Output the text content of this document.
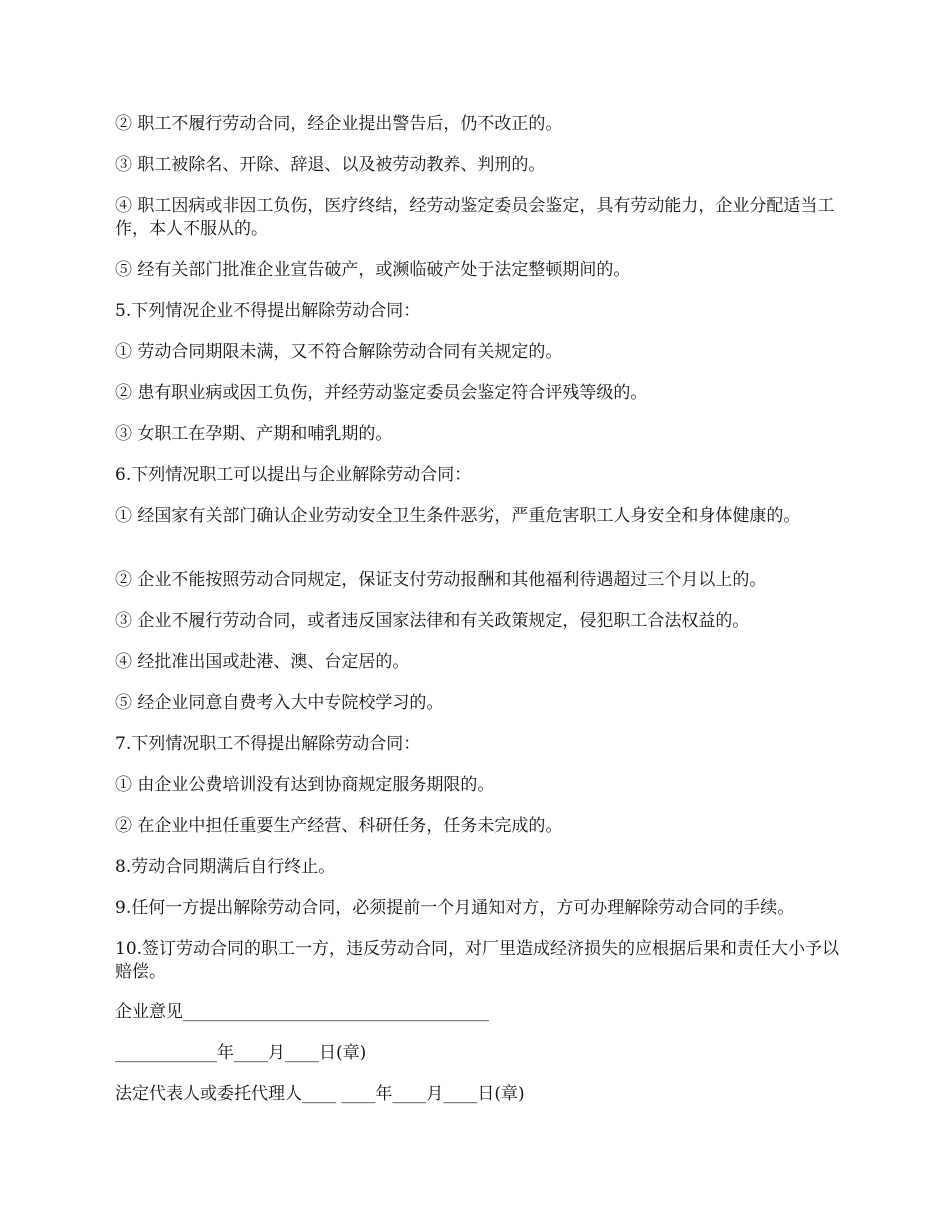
② 职工不履行劳动合同，经企业提出警告后，仍不改正的。

③ 职工被除名、开除、辞退、以及被劳动教养、判刑的。

④ 职工因病或非因工负伤，医疗终结，经劳动鉴定委员会鉴定，具有劳动能力，企业分配适当工作，本人不服从的。

⑤ 经有关部门批准企业宣告破产，或濒临破产处于法定整顿期间的。

5.下列情况企业不得提出解除劳动合同：

① 劳动合同期限未满，又不符合解除劳动合同有关规定的。

② 患有职业病或因工负伤，并经劳动鉴定委员会鉴定符合评残等级的。

③ 女职工在孕期、产期和哺乳期的。

6.下列情况职工可以提出与企业解除劳动合同：

① 经国家有关部门确认企业劳动安全卫生条件恶劣，严重危害职工人身安全和身体健康的。

② 企业不能按照劳动合同规定，保证支付劳动报酬和其他福利待遇超过三个月以上的。

③ 企业不履行劳动合同，或者违反国家法律和有关政策规定，侵犯职工合法权益的。

④ 经批准出国或赴港、澳、台定居的。

⑤ 经企业同意自费考入大中专院校学习的。

7.下列情况职工不得提出解除劳动合同：

① 由企业公费培训没有达到协商规定服务期限的。

② 在企业中担任重要生产经营、科研任务，任务未完成的。

8.劳动合同期满后自行终止。

9.任何一方提出解除劳动合同，必须提前一个月通知对方，方可办理解除劳动合同的手续。

10.签订劳动合同的职工一方，违反劳动合同，对厂里造成经济损失的应根据后果和责任大小予以赔偿。

企业意见____________________________________

____________年____月____日(章)

法定代表人或委托代理人____ ____年____月____日(章)
